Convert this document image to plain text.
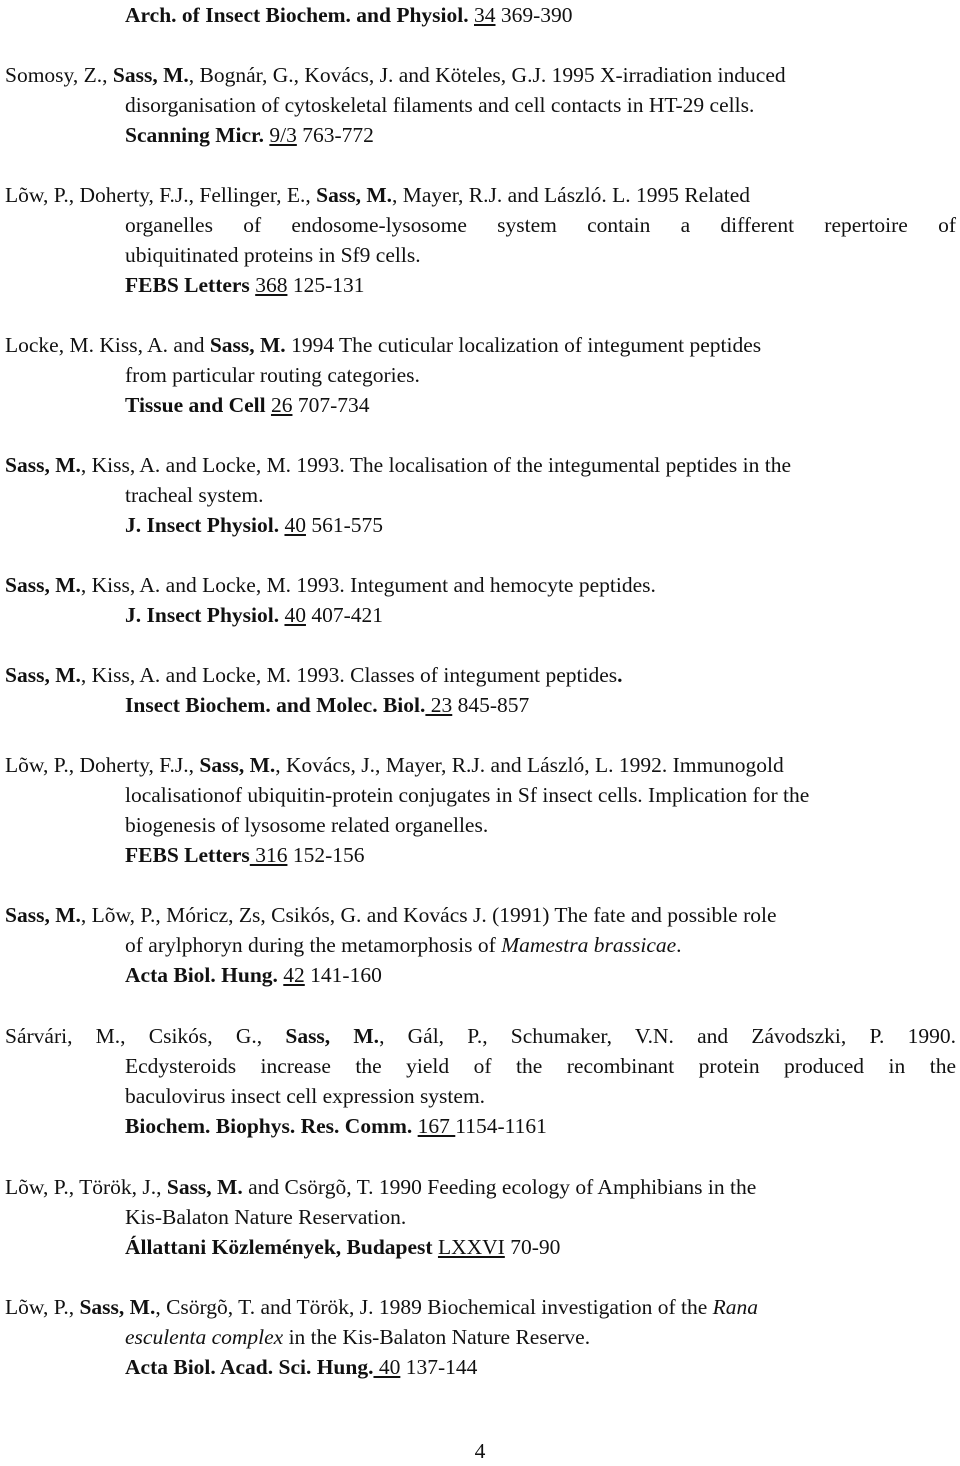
Arch. of Insect Biochem. and Physiol. 34 369-390
Somosy, Z., Sass, M., Bognár, G., Kovács, J. and Köteles, G.J. 1995 X-irradiation induced
disorganisation of cytoskeletal filaments and cell contacts in HT-29 cells.
Scanning Micr. 9/3 763-772
Lõw, P., Doherty, F.J., Fellinger, E., Sass, M., Mayer, R.J. and László. L. 1995 Related
organelles of endosome-lysosome system contain a different repertoire of
ubiquitinated proteins in Sf9 cells.
FEBS Letters 368 125-131
Locke, M. Kiss, A. and Sass, M. 1994 The cuticular localization of integument peptides
from particular routing categories.
Tissue and Cell 26 707-734
Sass, M., Kiss, A. and Locke, M. 1993. The localisation of the integumental peptides in the
tracheal system.
J. Insect Physiol. 40 561-575
Sass, M., Kiss, A. and Locke, M. 1993. Integument and hemocyte peptides.
J. Insect Physiol. 40 407-421
Sass, M., Kiss, A. and Locke, M. 1993. Classes of integument peptides.
Insect Biochem. and Molec. Biol. 23 845-857
Lõw, P., Doherty, F.J., Sass, M., Kovács, J., Mayer, R.J. and László, L. 1992. Immunogold
localisationof ubiquitin-protein conjugates in Sf insect cells. Implication for the
biogenesis of lysosome related organelles.
FEBS Letters 316 152-156
Sass, M., Lõw, P., Móricz, Zs, Csikós, G. and Kovács J. (1991) The fate and possible role
of arylphoryn during the metamorphosis of Mamestra brassicae.
Acta Biol. Hung. 42 141-160
Sárvári, M., Csikós, G., Sass, M., Gál, P., Schumaker, V.N. and Závodszki, P. 1990.
Ecdysteroids increase the yield of the recombinant protein produced in the
baculovirus insect cell expression system.
Biochem. Biophys. Res. Comm. 167 1154-1161
Lõw, P., Török, J., Sass, M. and Csörgõ, T. 1990 Feeding ecology of Amphibians in the
Kis-Balaton Nature Reservation.
Állattani Közlemények, Budapest LXXVI 70-90
Lõw, P., Sass, M., Csörgõ, T. and Török, J. 1989 Biochemical investigation of the Rana
esculenta complex in the Kis-Balaton Nature Reserve.
Acta Biol. Acad. Sci. Hung. 40 137-144
4
